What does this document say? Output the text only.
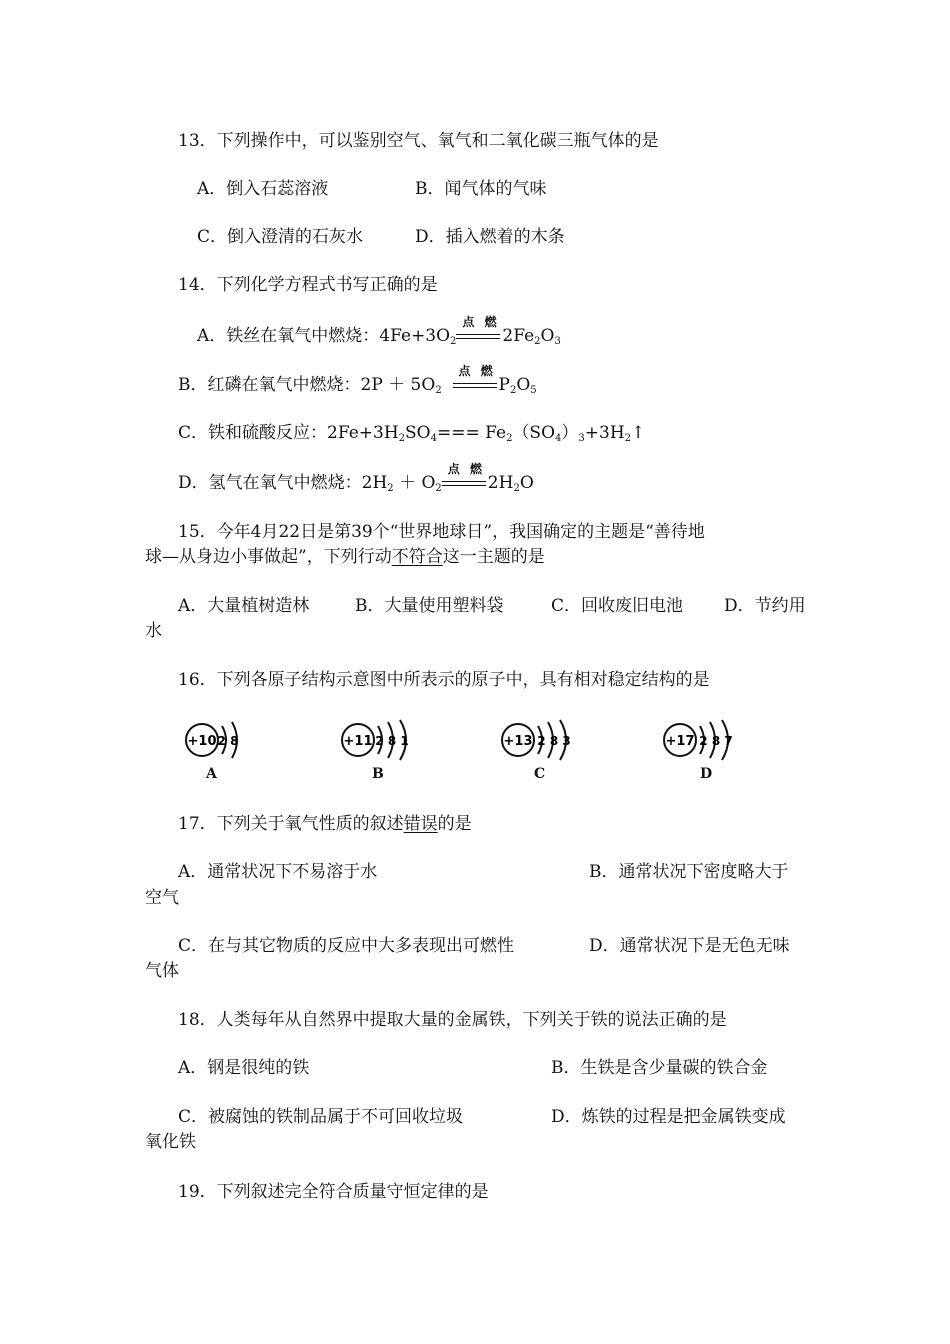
13．下列操作中，可以鉴别空气、氧气和二氧化碳三瓶气体的是
A．倒入石蕊溶液	B．闻气体的气味
C．倒入澄清的石灰水	D．插入燃着的木条
14．下列化学方程式书写正确的是
A．铁丝在氧气中燃烧：$4Fe+3O_2$
点 燃
$2Fe_2O_3$
B．红磷在氧气中燃烧：$2P + 5O_2$
点 燃
$P_2O_5$
C．铁和硫酸反应：$2Fe+3H_2SO_4===$ $Fe_2(SO_4)_3+3H_2↑$
D．氢气在氧气中燃烧：$2H_2 + O_2$
点 燃
$2H_2O$
15．今年4月22日是第39个“世界地球日”，我国确定的主题是“善待地
球—从身边小事做起”，下列行动不符合这一主题的是
A．大量植树造林	B．大量使用塑料袋	C．回收废旧电池 D．节约用
水
16．下列各原子结构示意图中所表示的原子中，具有相对稳定结构的是
+10 2 8
A
+11 2 8 1
B
+13 2 8 3
C
+17 2 8 7
D
17．下列关于氧气性质的叙述错误的是
A．通常状况下不易溶于水	B．通常状况下密度略大于
空气
C．在与其它物质的反应中大多表现出可燃性	D．通常状况下是无色无味
气体
18．人类每年从自然界中提取大量的金属铁，下列关于铁的说法正确的是
A．钢是很纯的铁	B．生铁是含少量碳的铁合金
C．被腐蚀的铁制品属于不可回收垃圾	D．炼铁的过程是把金属铁变成
氧化铁
19．下列叙述完全符合质量守恒定律的是
